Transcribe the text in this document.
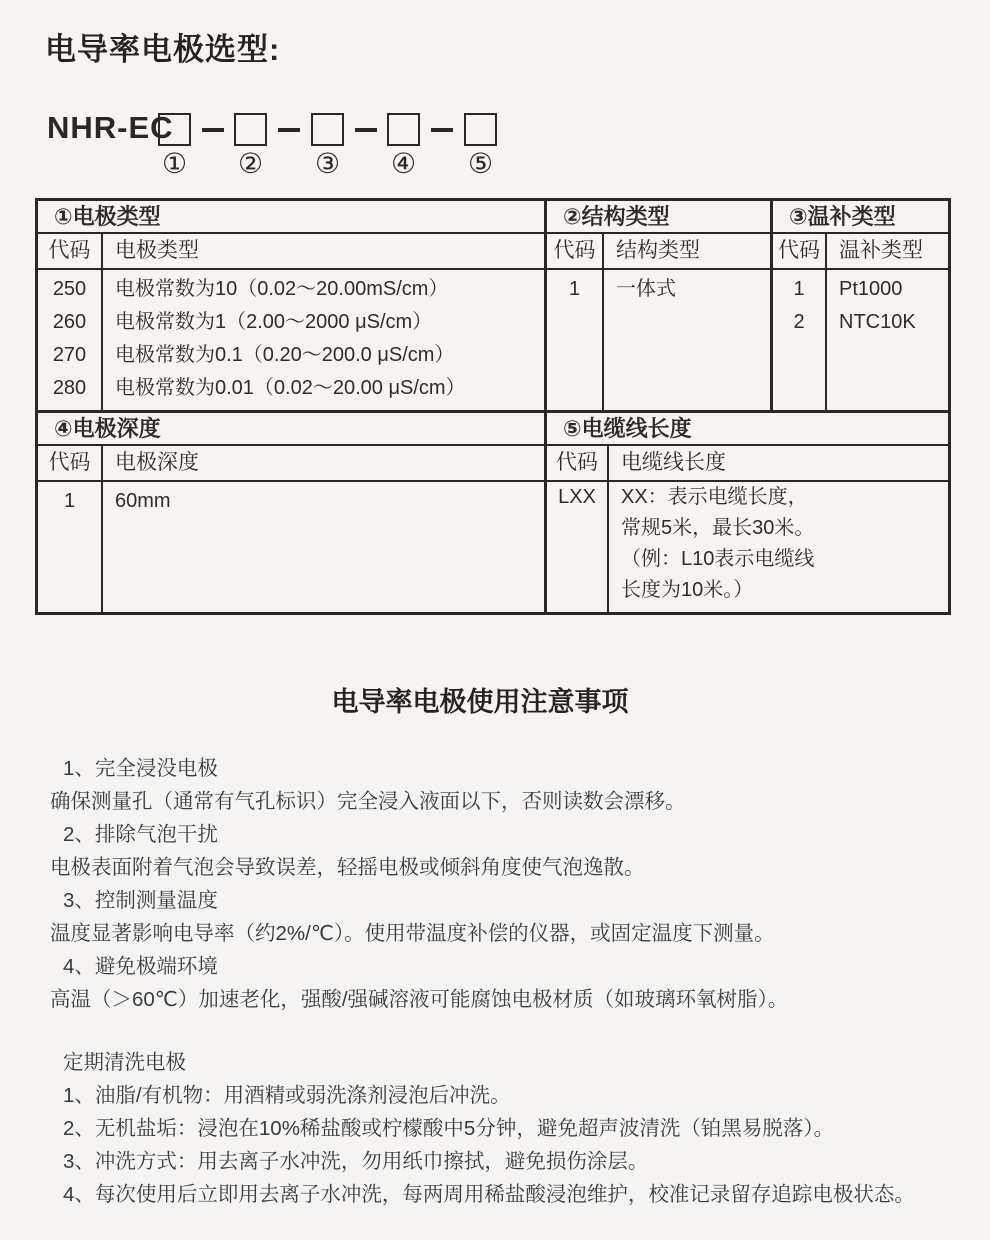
电导率电极选型:
NHR-EC
① ② ③ ④ ⑤
①电极类型
代码
250
260
270
280
电极类型
电极常数为10（0.02～20.00mS/cm）
电极常数为1（2.00～2000 μS/cm）
电极常数为0.1（0.20～200.0 μS/cm）
电极常数为0.01（0.02～20.00 μS/cm）
②结构类型
代码
1
结构类型
一体式
③温补类型
代码
1
2
温补类型
Pt1000
NTC10K
④电极深度
代码
1
电极深度
60mm
⑤电缆线长度
代码
LXX
电缆线长度
XX：表示电缆长度，
常规5米，最长30米。
（例：L10表示电缆线
长度为10米。）
电导率电极使用注意事项
1、完全浸没电极
确保测量孔（通常有气孔标识）完全浸入液面以下，否则读数会漂移。
2、排除气泡干扰
电极表面附着气泡会导致误差，轻摇电极或倾斜角度使气泡逸散。
3、控制测量温度
温度显著影响电导率（约2%/℃）。使用带温度补偿的仪器，或固定温度下测量。
4、避免极端环境
高温（＞60℃）加速老化，强酸/强碱溶液可能腐蚀电极材质（如玻璃环氧树脂）。
定期清洗电极
1、油脂/有机物：用酒精或弱洗涤剂浸泡后冲洗。
2、无机盐垢：浸泡在10%稀盐酸或柠檬酸中5分钟，避免超声波清洗（铂黑易脱落）。
3、冲洗方式：用去离子水冲洗，勿用纸巾擦拭，避免损伤涂层。
4、每次使用后立即用去离子水冲洗，每两周用稀盐酸浸泡维护，校准记录留存追踪电极状态。
